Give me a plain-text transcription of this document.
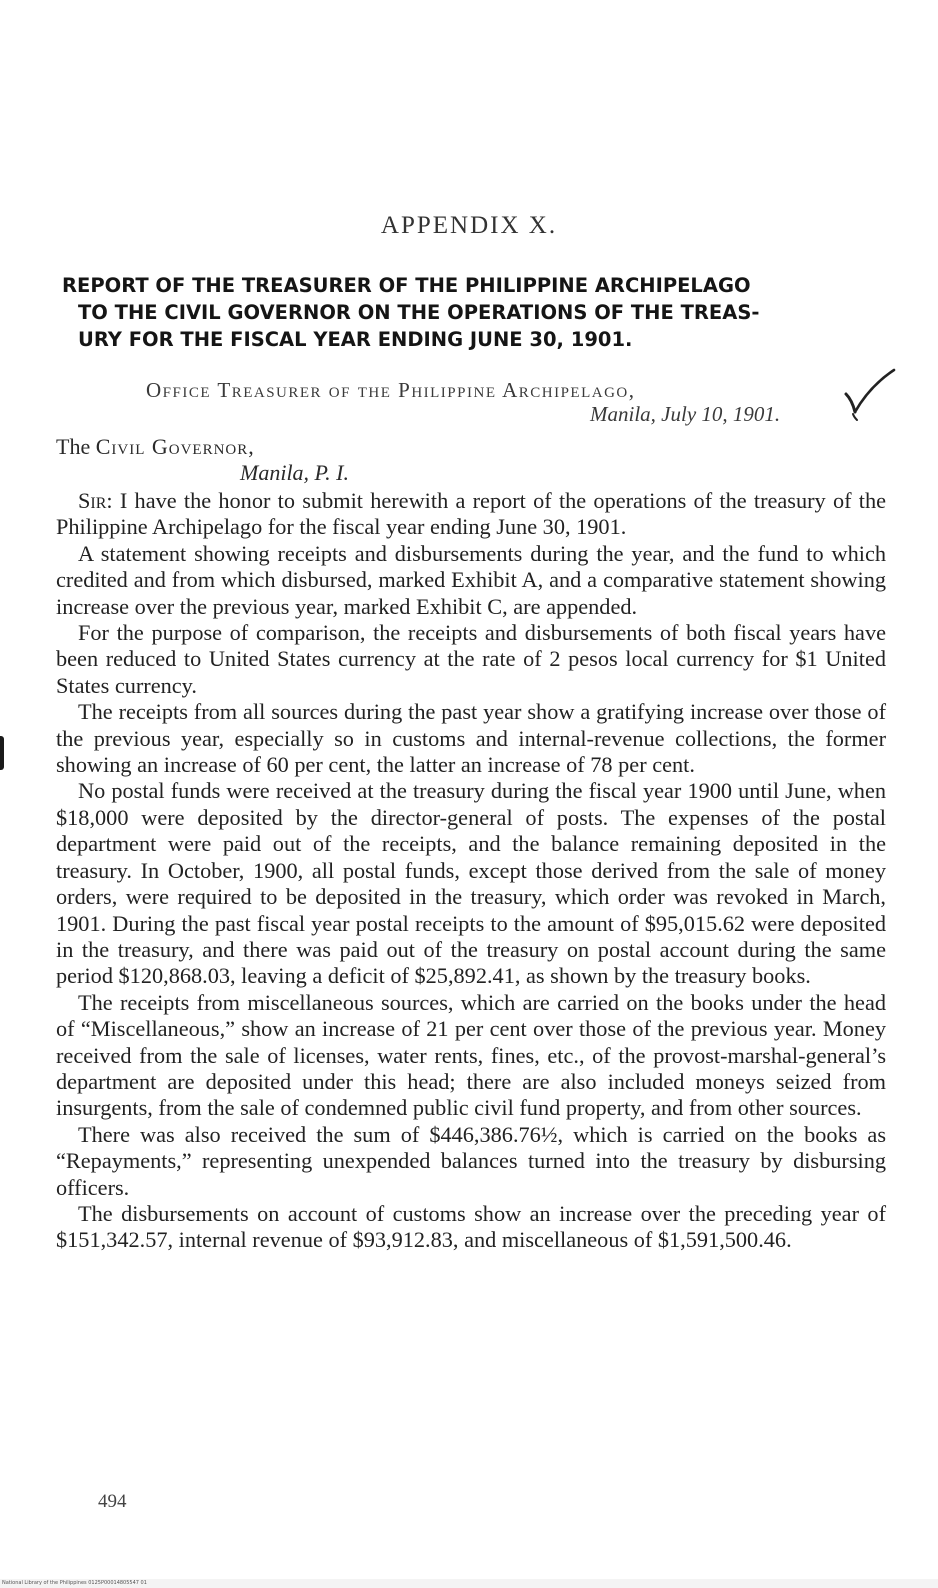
APPENDIX X.
REPORT OF THE TREASURER OF THE PHILIPPINE ARCHIPELAGO
TO THE CIVIL GOVERNOR ON THE OPERATIONS OF THE TREAS-
URY FOR THE FISCAL YEAR ENDING JUNE 30, 1901.
Office Treasurer of the Philippine Archipelago,
Manila, July 10, 1901.
The Civil Governor,
Manila, P. I.

Sir: I have the honor to submit herewith a report of the operations of the treasury of the Philippine Archipelago for the fiscal year ending June 30, 1901.

A statement showing receipts and disbursements during the year, and the fund to which credited and from which disbursed, marked Exhibit A, and a comparative statement showing increase over the previous year, marked Exhibit C, are appended.

For the purpose of comparison, the receipts and disbursements of both fiscal years have been reduced to United States currency at the rate of 2 pesos local currency for $1 United States currency.

The receipts from all sources during the past year show a gratifying increase over those of the previous year, especially so in customs and internal-revenue collections, the former showing an increase of 60 per cent, the latter an increase of 78 per cent.

No postal funds were received at the treasury during the fiscal year 1900 until June, when $18,000 were deposited by the director-general of posts. The expenses of the postal department were paid out of the receipts, and the balance remaining deposited in the treasury. In October, 1900, all postal funds, except those derived from the sale of money orders, were required to be deposited in the treasury, which order was revoked in March, 1901. During the past fiscal year postal receipts to the amount of $95,015.62 were deposited in the treasury, and there was paid out of the treasury on postal account during the same period $120,868.03, leaving a deficit of $25,892.41, as shown by the treasury books.

The receipts from miscellaneous sources, which are carried on the books under the head of “Miscellaneous,” show an increase of 21 per cent over those of the previous year. Money received from the sale of licenses, water rents, fines, etc., of the provost-marshal-general’s department are deposited under this head; there are also included moneys seized from insurgents, from the sale of condemned public civil fund property, and from other sources.

There was also received the sum of $446,386.76½, which is carried on the books as “Repayments,” representing unexpended balances turned into the treasury by disbursing officers.

The disbursements on account of customs show an increase over the preceding year of $151,342.57, internal revenue of $93,912.83, and miscellaneous of $1,591,500.46.

494
National Library of the Philippines 0125P00014805547 01
